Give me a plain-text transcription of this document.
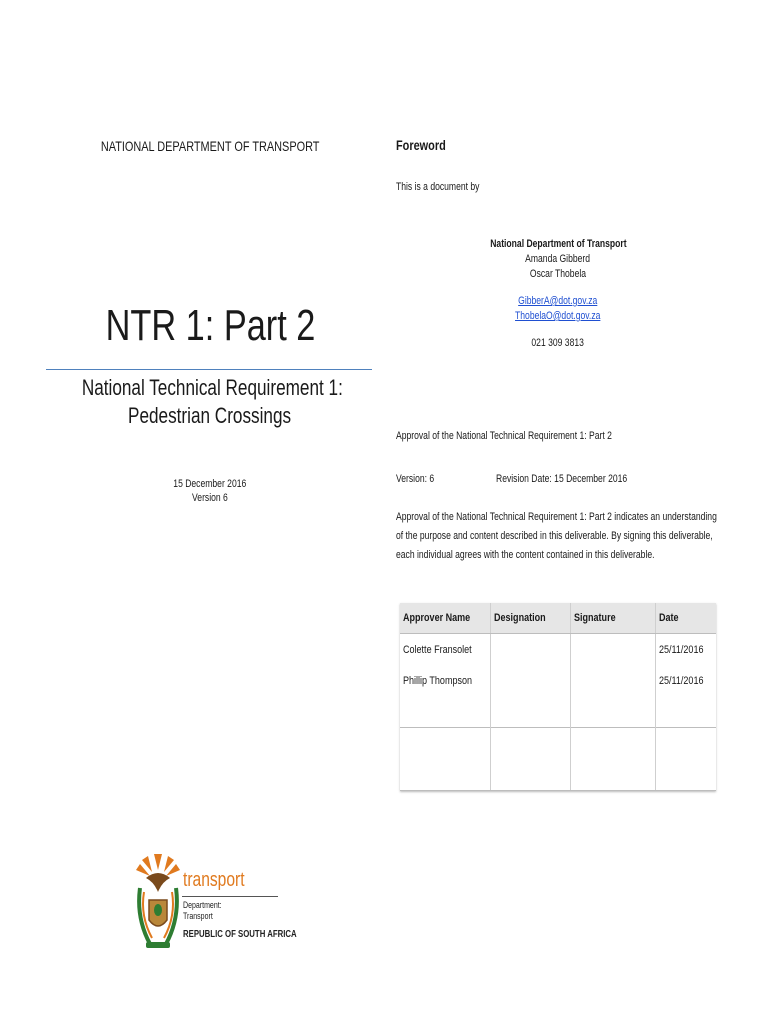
NATIONAL DEPARTMENT OF TRANSPORT
NTR 1: Part 2
National Technical Requirement 1:
Pedestrian Crossings
15 December 2016
Version 6
transport
Department:
Transport
REPUBLIC OF SOUTH AFRICA
Foreword
This is a document by
National Department of Transport
Amanda Gibberd
Oscar Thobela
GibberA@dot.gov.za
ThobelaO@dot.gov.za
021 309 3813
Approval of the National Technical Requirement 1: Part 2
Version: 6	Revision Date: 15 December 2016
Approval of the National Technical Requirement 1: Part 2 indicates an understanding of the purpose and content described in this deliverable. By signing this deliverable, each individual agrees with the content contained in this deliverable.
Approver Name	Designation	Signature	Date
Colette Fransolet			25/11/2016
Phillip Thompson			25/11/2016
